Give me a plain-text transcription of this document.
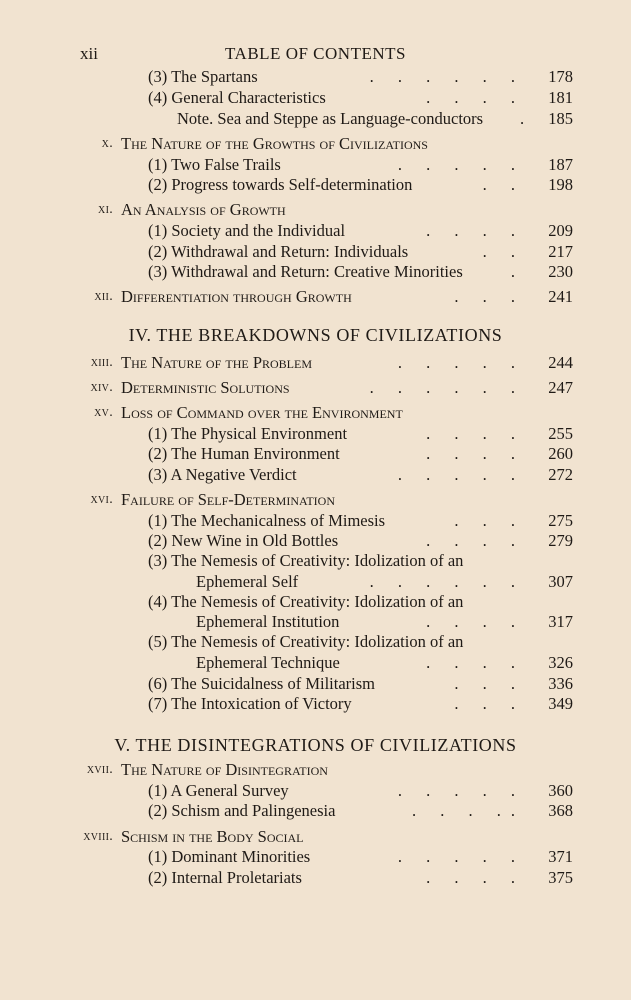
xii	TABLE OF CONTENTS
(3) The Spartans	. . . . . .	178
(4) General Characteristics	. . . .	181
Note. Sea and Steppe as Language-conductors . 185
x. The Nature of the Growths of Civilizations
(1) Two False Trails	. . . . .	187
(2) Progress towards Self-determination	. .	198
xi. An Analysis of Growth
(1) Society and the Individual	. . . .	209
(2) Withdrawal and Return: Individuals	. .	217
(3) Withdrawal and Return: Creative Minorities	.	230
xii. Differentiation through Growth	. . .	241
IV. THE BREAKDOWNS OF CIVILIZATIONS
xiii. The Nature of the Problem	. . . . .	244
xiv. Deterministic Solutions	. . . . . .	247
xv. Loss of Command over the Environment
(1) The Physical Environment	. . . .	255
(2) The Human Environment	. . . .	260
(3) A Negative Verdict	. . . . .	272
xvi. Failure of Self-Determination
(1) The Mechanicalness of Mimesis	. . .	275
(2) New Wine in Old Bottles	. . . .	279
(3) The Nemesis of Creativity: Idolization of an
Ephemeral Self	. . . . . .	307
(4) The Nemesis of Creativity: Idolization of an
Ephemeral Institution	. . . .	317
(5) The Nemesis of Creativity: Idolization of an
Ephemeral Technique	. . . .	326
(6) The Suicidalness of Militarism	. . .	336
(7) The Intoxication of Victory	. . .	349
V. THE DISINTEGRATIONS OF CIVILIZATIONS
xvii. The Nature of Disintegration
(1) A General Survey	. . . . .	360
(2) Schism and Palingenesia	. . . ..	368
xviii. Schism in the Body Social
(1) Dominant Minorities	. . . . .	371
(2) Internal Proletariats	. . . .	375
